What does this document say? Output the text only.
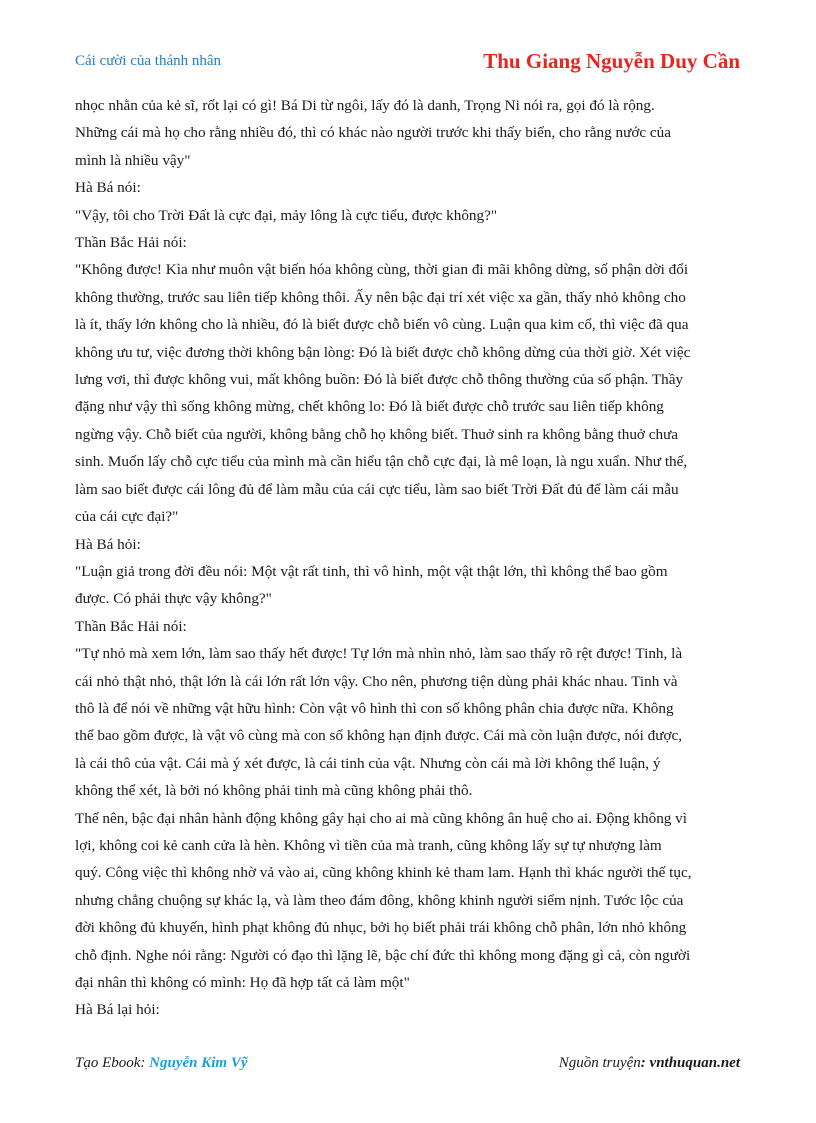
Cái cười của thánh nhân	Thu Giang Nguyễn Duy Cần
nhọc nhằn của kẻ sĩ, rốt lại có gì! Bá Di từ ngôi, lấy đó là danh, Trọng Ni nói ra, gọi đó là rộng.
Những cái mà họ cho rằng nhiều đó, thì có khác nào người trước khi thấy biển, cho rằng nước của
mình là nhiều vậy"
Hà Bá nói:
"Vậy, tôi cho Trời Đất là cực đại, mảy lông là cực tiểu, được không?"
Thần Bắc Hải nói:
"Không được! Kìa như muôn vật biến hóa không cùng, thời gian đi mãi không dừng, số phận dời đổi
không thường, trước sau liên tiếp không thôi. Ấy nên bậc đại trí xét việc xa gần, thấy nhỏ không cho
là ít, thấy lớn không cho là nhiều, đó là biết được chỗ biến vô cùng. Luận qua kim cổ, thì việc đã qua
không ưu tư, việc đương thời không bận lòng: Đó là biết được chỗ không dừng của thời giờ. Xét việc
lưng vơi, thì được không vui, mất không buồn: Đó là biết được chỗ thông thường của số phận. Thầy
đặng như vậy thì sống không mừng, chết không lo: Đó là biết được chỗ trước sau liên tiếp không
ngừng vậy. Chỗ biết của người, không bằng chỗ họ không biết. Thuở sinh ra không bằng thuở chưa
sinh. Muốn lấy chỗ cực tiểu của mình mà cần hiểu tận chỗ cực đại, là mê loạn, là ngu xuẩn. Như thế,
làm sao biết được cái lông đủ để làm mẫu của cái cực tiểu, làm sao biết Trời Đất đủ để làm cái mẫu
của cái cực đại?"
Hà Bá hỏi:
"Luận giả trong đời đều nói: Một vật rất tinh, thì vô hình, một vật thật lớn, thì không thể bao gồm
được. Có phải thực vậy không?"
Thần Bắc Hải nói:
"Tự nhỏ mà xem lớn, làm sao thấy hết được! Tự lớn mà nhìn nhỏ, làm sao thấy rõ rệt được! Tinh, là
cái nhỏ thật nhỏ, thật lớn là cái lớn rất lớn vậy. Cho nên, phương tiện dùng phải khác nhau. Tinh và
thô là để nói về những vật hữu hình: Còn vật vô hình thì con số không phân chia được nữa. Không
thể bao gồm được, là vật vô cùng mà con số không hạn định được. Cái mà còn luận được, nói được,
là cái thô của vật. Cái mà ý xét được, là cái tinh của vật. Nhưng còn cái mà lời không thể luận, ý
không thể xét, là bởi nó không phải tinh mà cũng không phải thô.
Thế nên, bậc đại nhân hành động không gây hại cho ai mà cũng không ân huệ cho ai. Động không vì
lợi, không coi kẻ canh cửa là hèn. Không vì tiền của mà tranh, cũng không lấy sự tự nhượng làm
quý. Công việc thì không nhờ vả vào ai, cũng không khinh kẻ tham lam. Hạnh thì khác người thế tục,
nhưng chẳng chuộng sự khác lạ, và làm theo đám đông, không khinh người siểm nịnh. Tước lộc của
đời không đủ khuyến, hình phạt không đủ nhục, bởi họ biết phải trái không chỗ phân, lớn nhỏ không
chỗ định. Nghe nói rằng: Người có đạo thì lặng lẽ, bậc chí đức thì không mong đặng gì cả, còn người
đại nhân thì không có mình: Họ đã hợp tất cả làm một"
Hà Bá lại hỏi:
Tạo Ebook: Nguyễn Kim Vỹ	Nguồn truyện: vnthuquan.net
